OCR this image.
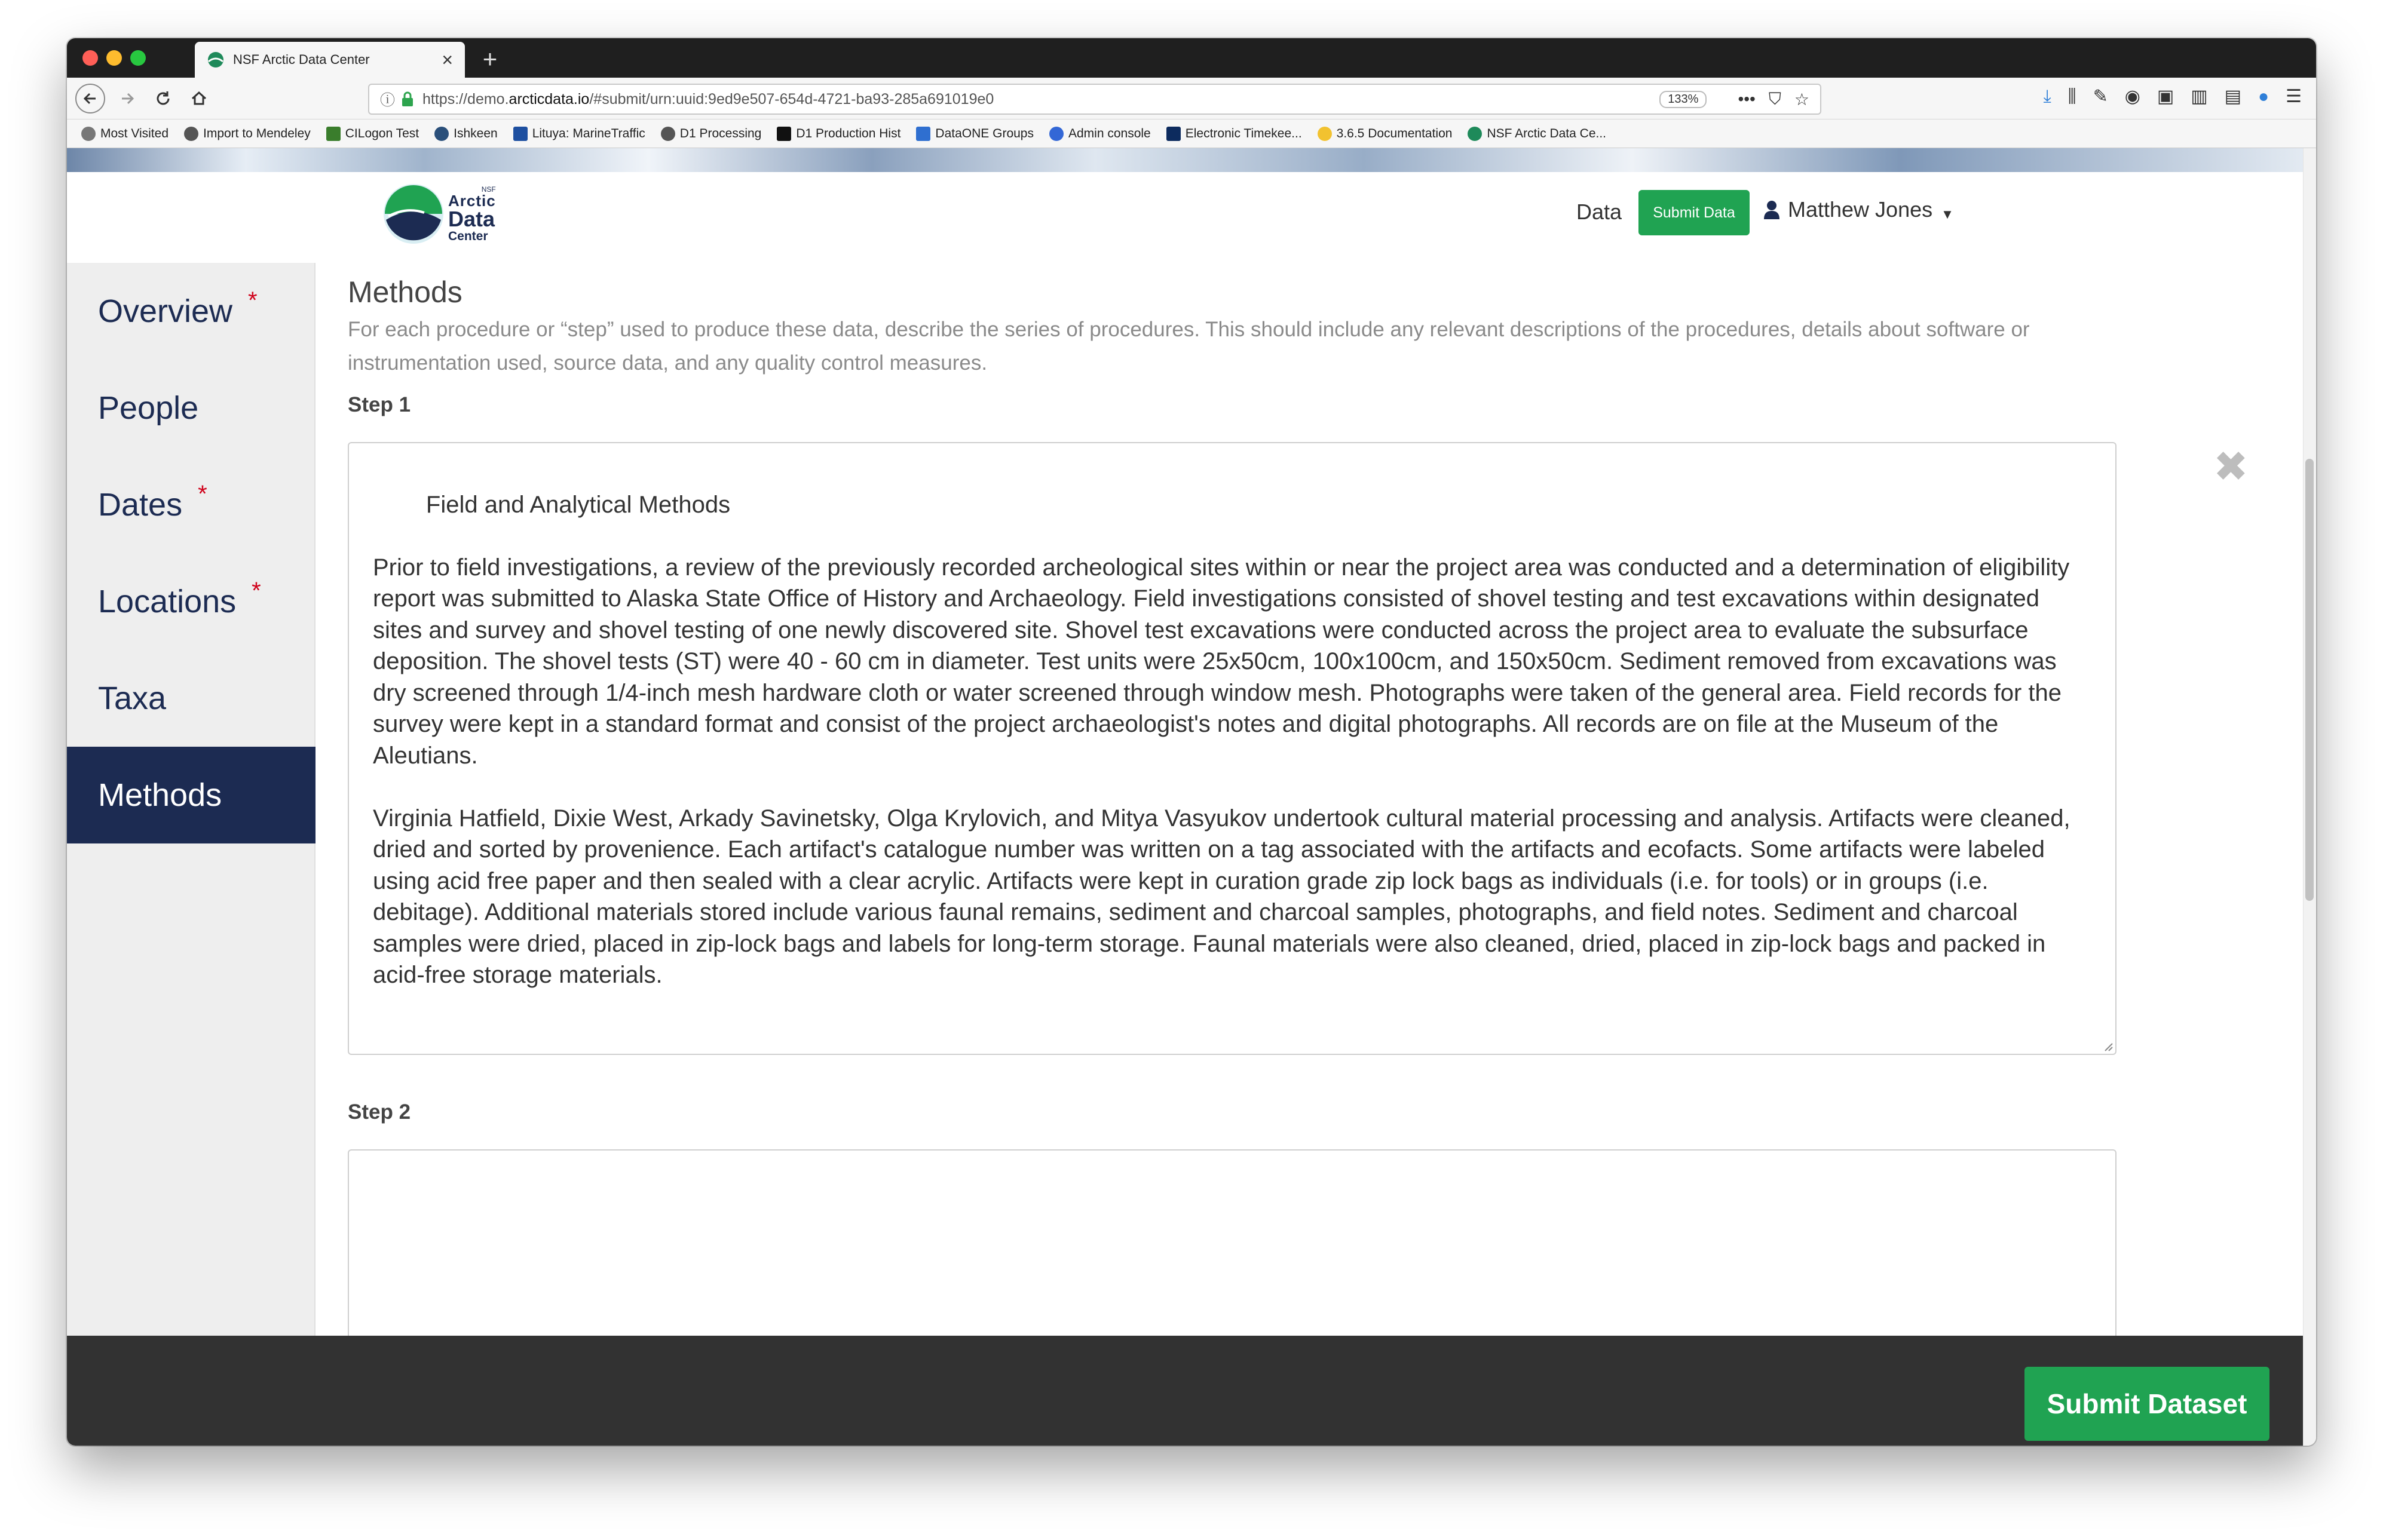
NSF Arctic Data Center	×	+
ⓘ https://demo.arcticdata.io/#submit/urn:uuid:9ed9e507-654d-4721-ba93-285a691019e0	133%	••• ⛉ ☆	⤓ ⫼ ✎ ◉ ▣ ▥ ▤ ● ☰
Most Visited	Import to Mendeley	CILogon Test	Ishkeen	Lituya: MarineTraffic	D1 Processing	D1 Production Hist	DataONE Groups	Admin console	Electronic Timekee...	3.6.5 Documentation	NSF Arctic Data Ce...
NSF
Arctic
Data
Center
Data	Submit Data	Matthew Jones ▼
Overview *
People
Dates *
Locations *
Taxa
Methods
Methods
For each procedure or “step” used to produce these data, describe the series of procedures. This should include any relevant descriptions of the procedures, details about software or instrumentation used, source data, and any quality control measures.
Step 1

Field and Analytical Methods

Prior to field investigations, a review of the previously recorded archeological sites within or near the project area was conducted and a determination of eligibility report was submitted to Alaska State Office of History and Archaeology. Field investigations consisted of shovel testing and test excavations within designated sites and survey and shovel testing of one newly discovered site. Shovel test excavations were conducted across the project area to evaluate the subsurface deposition. The shovel tests (ST) were 40 - 60 cm in diameter. Test units were 25x50cm, 100x100cm, and 150x50cm. Sediment removed from excavations was dry screened through 1/4-inch mesh hardware cloth or water screened through window mesh. Photographs were taken of the general area. Field records for the survey were kept in a standard format and consist of the project archaeologist's notes and digital photographs. All records are on file at the Museum of the Aleutians.

Virginia Hatfield, Dixie West, Arkady Savinetsky, Olga Krylovich, and Mitya Vasyukov undertook cultural material processing and analysis. Artifacts were cleaned, dried and sorted by provenience. Each artifact's catalogue number was written on a tag associated with the artifacts and ecofacts. Some artifacts were labeled using acid free paper and then sealed with a clear acrylic. Artifacts were kept in curation grade zip lock bags as individuals (i.e. for tools) or in groups (i.e. debitage). Additional materials stored include various faunal remains, sediment and charcoal samples, photographs, and field notes. Sediment and charcoal samples were dried, placed in zip-lock bags and labels for long-term storage. Faunal materials were also cleaned, dried, placed in zip-lock bags and packed in acid-free storage materials.

✖
Step 2

Submit Dataset
